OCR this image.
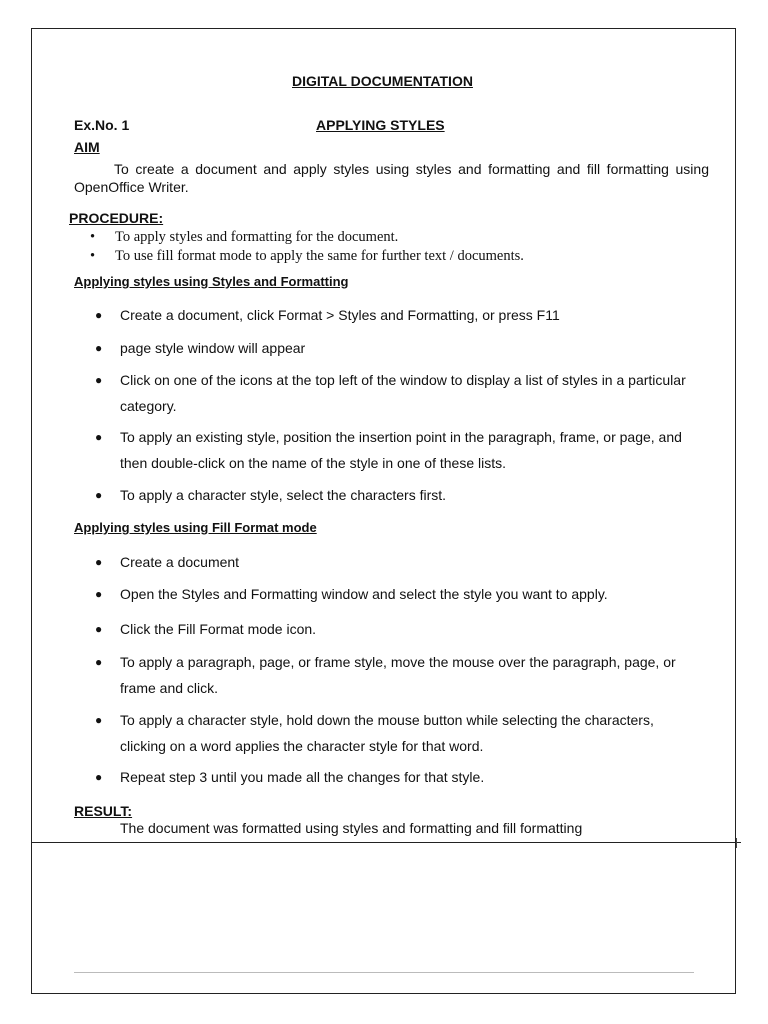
DIGITAL DOCUMENTATION

Ex.No. 1	APPLYING STYLES

AIM

To create a document and apply styles using styles and formatting and fill formatting using OpenOffice Writer.

PROCEDURE:

• To apply styles and formatting for the document.
• To use fill format mode to apply the same for further text / documents.

Applying styles using Styles and Formatting

● Create a document, click Format > Styles and Formatting, or press F11
● page style window will appear
● Click on one of the icons at the top left of the window to display a list of styles in a particular category.
● To apply an existing style, position the insertion point in the paragraph, frame, or page, and then double-click on the name of the style in one of these lists.
● To apply a character style, select the characters first.

Applying styles using Fill Format mode

● Create a document
● Open the Styles and Formatting window and select the style you want to apply.
● Click the Fill Format mode icon.
● To apply a paragraph, page, or frame style, move the mouse over the paragraph, page, or frame and click.
● To apply a character style, hold down the mouse button while selecting the characters, clicking on a word applies the character style for that word.
● Repeat step 3 until you made all the changes for that style.

RESULT:

The document was formatted using styles and formatting and fill formatting
